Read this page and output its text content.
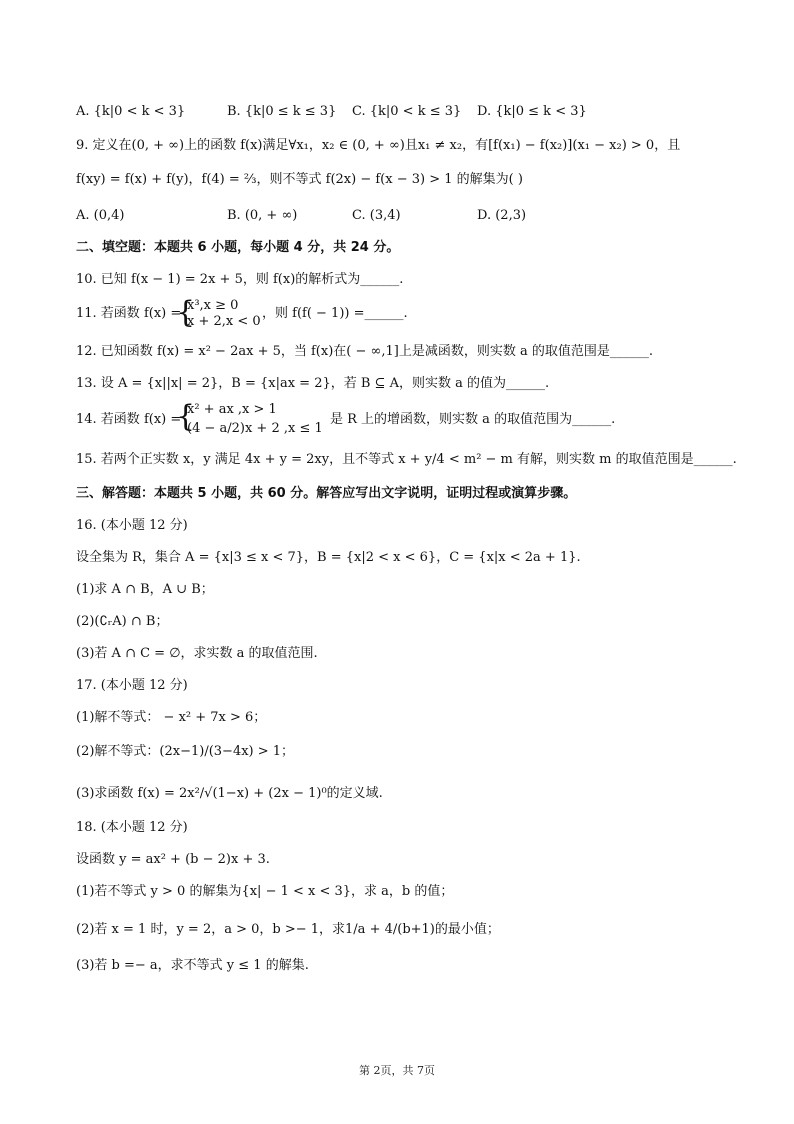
A. {k|0 < k < 3}	B. {k|0 ≤ k ≤ 3} C. {k|0 < k ≤ 3} D. {k|0 ≤ k < 3}
9. 定义在(0, + ∞)上的函数 f(x)满足∀x₁，x₂ ∈ (0, + ∞)且x₁ ≠ x₂，有[f(x₁) − f(x₂)](x₁ − x₂) > 0，且
f(xy) = f(x) + f(y)，f(4) = ⅔，则不等式 f(2x) − f(x − 3) > 1 的解集为( )
A. (0,4)	B. (0, + ∞)	C. (3,4)	D. (2,3)
二、填空题：本题共 6 小题，每小题 4 分，共 24 分。
10. 已知 f(x − 1) = 2x + 5，则 f(x)的解析式为______.
11. 若函数 f(x) =
{
x³,x ≥ 0
x + 2,x < 0
，则 f(f( − 1)) =______.
12. 已知函数 f(x) = x² − 2ax + 5，当 f(x)在( − ∞,1]上是减函数，则实数 a 的取值范围是______.
13. 设 A = {x||x| = 2}，B = {x|ax = 2}，若 B ⊆ A，则实数 a 的值为______.
14. 若函数 f(x) =
{
x² + ax ,x > 1
(4 − a/2)x + 2 ,x ≤ 1
是 R 上的增函数，则实数 a 的取值范围为______.
15. 若两个正实数 x，y 满足 4x + y = 2xy，且不等式 x + y/4 < m² − m 有解，则实数 m 的取值范围是______.
三、解答题：本题共 5 小题，共 60 分。解答应写出文字说明，证明过程或演算步骤。
16. (本小题 12 分)
设全集为 R，集合 A = {x|3 ≤ x < 7}，B = {x|2 < x < 6}，C = {x|x < 2a + 1}.
(1)求 A ∩ B，A ∪ B；
(2)(∁ᵣA) ∩ B；
(3)若 A ∩ C = ∅，求实数 a 的取值范围.
17. (本小题 12 分)
(1)解不等式： − x² + 7x > 6；
(2)解不等式：(2x−1)/(3−4x) > 1；
(3)求函数 f(x) = 2x²/√(1−x) + (2x − 1)⁰的定义域.
18. (本小题 12 分)
设函数 y = ax² + (b − 2)x + 3.
(1)若不等式 y > 0 的解集为{x| − 1 < x < 3}，求 a，b 的值；
(2)若 x = 1 时，y = 2，a > 0，b >− 1，求1/a + 4/(b+1)的最小值；
(3)若 b =− a，求不等式 y ≤ 1 的解集.
第 2页，共 7页
